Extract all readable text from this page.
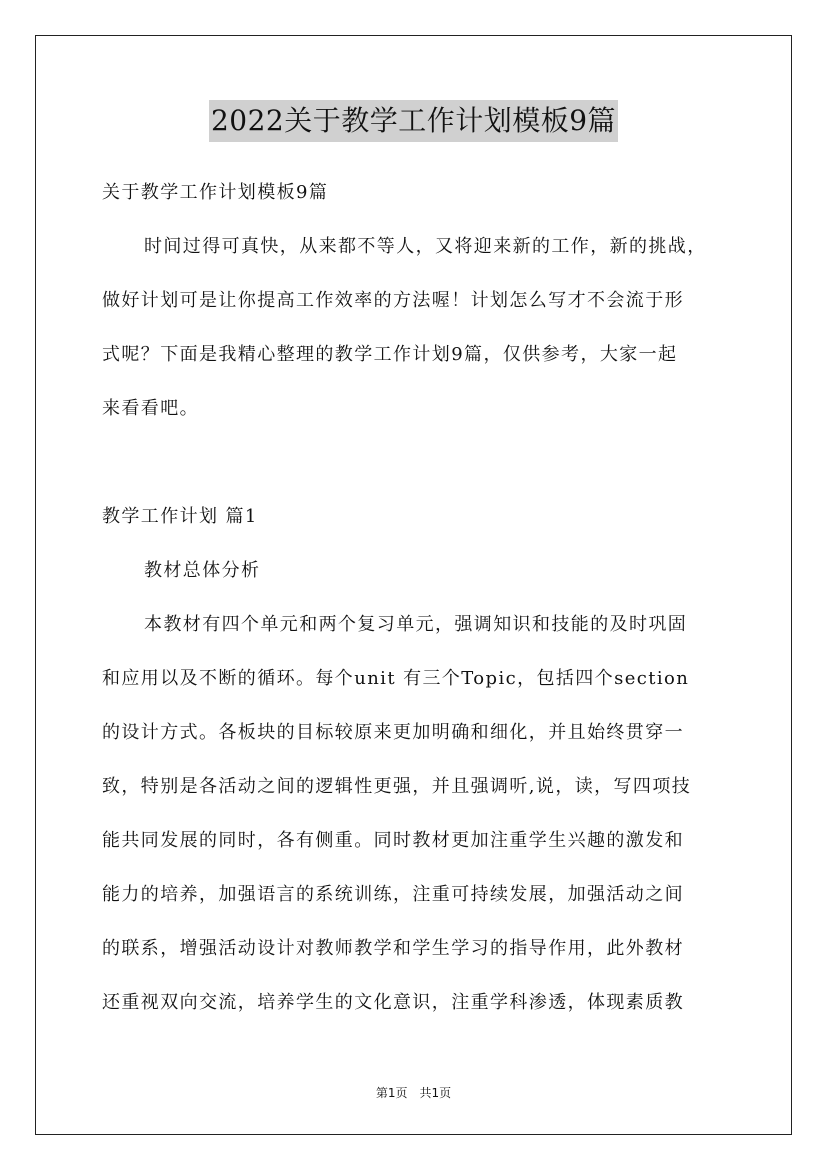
2022关于教学工作计划模板9篇
关于教学工作计划模板9篇
时间过得可真快，从来都不等人，又将迎来新的工作，新的挑战，
做好计划可是让你提高工作效率的方法喔！计划怎么写才不会流于形
式呢？下面是我精心整理的教学工作计划9篇，仅供参考，大家一起
来看看吧。
教学工作计划 篇1
教材总体分析
本教材有四个单元和两个复习单元，强调知识和技能的及时巩固
和应用以及不断的循环。每个unit 有三个Topic，包括四个section
的设计方式。各板块的目标较原来更加明确和细化，并且始终贯穿一
致，特别是各活动之间的逻辑性更强，并且强调听,说，读，写四项技
能共同发展的同时，各有侧重。同时教材更加注重学生兴趣的激发和
能力的培养，加强语言的系统训练，注重可持续发展，加强活动之间
的联系，增强活动设计对教师教学和学生学习的指导作用，此外教材
还重视双向交流，培养学生的文化意识，注重学科渗透，体现素质教
第1页　共1页
